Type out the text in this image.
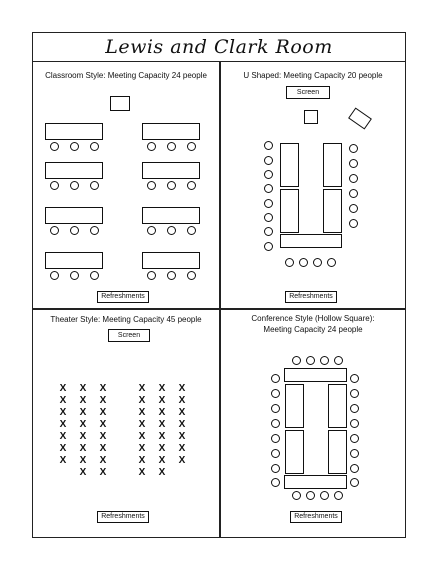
Lewis and Clark Room
Classroom Style: Meeting Capacity 24 people
Refreshments
U Shaped: Meeting Capacity 20 people
Screen
Refreshments
Theater Style: Meeting Capacity 45 people
Screen
X X X	X X X
X X X	X X X
X X X	X X X
X X X	X X X
X X X	X X X
X X X	X X X
X X X	X X X
X X	X X
Refreshments
Conference Style (Hollow Square):
Meeting Capacity 24 people
Refreshments
